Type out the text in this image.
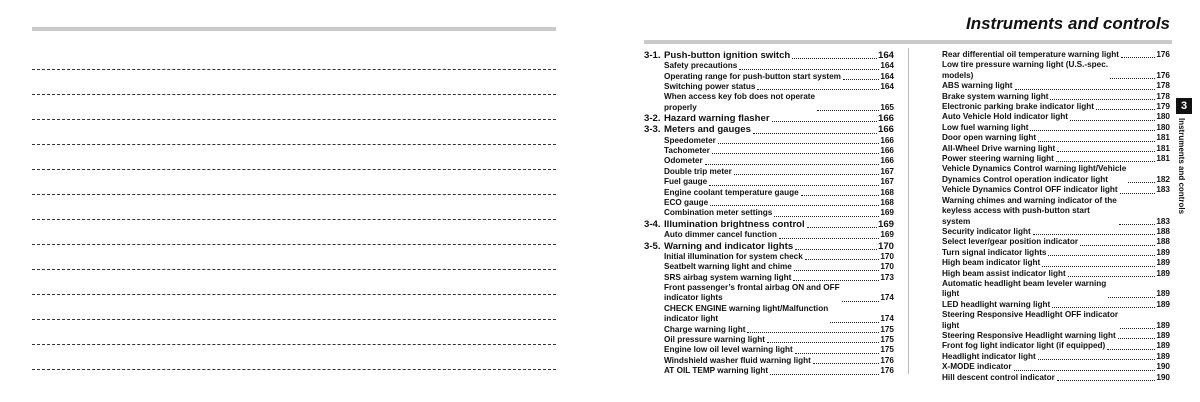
Instruments and controls
3-1. Push-button ignition switch	164
Safety precautions	164
Operating range for push-button start system	164
Switching power status	164
When access key fob does not operate
properly	165
3-2. Hazard warning flasher	166
3-3. Meters and gauges	166
Speedometer	166
Tachometer	166
Odometer	166
Double trip meter	167
Fuel gauge	167
Engine coolant temperature gauge	168
ECO gauge	168
Combination meter settings	169
3-4. Illumination brightness control	169
Auto dimmer cancel function	169
3-5. Warning and indicator lights	170
Initial illumination for system check	170
Seatbelt warning light and chime	170
SRS airbag system warning light	173
Front passenger’s frontal airbag ON and OFF
indicator lights	174
CHECK ENGINE warning light/Malfunction
indicator light	174
Charge warning light	175
Oil pressure warning light	175
Engine low oil level warning light	175
Windshield washer fluid warning light	176
AT OIL TEMP warning light	176
Rear differential oil temperature warning light	176
Low tire pressure warning light (U.S.-spec.
models)	176
ABS warning light	178
Brake system warning light	178
Electronic parking brake indicator light	179
Auto Vehicle Hold indicator light	180
Low fuel warning light	180
Door open warning light	181
All-Wheel Drive warning light	181
Power steering warning light	181
Vehicle Dynamics Control warning light/Vehicle
Dynamics Control operation indicator light	182
Vehicle Dynamics Control OFF indicator light	183
Warning chimes and warning indicator of the
keyless access with push-button start
system	183
Security indicator light	188
Select lever/gear position indicator	188
Turn signal indicator lights	189
High beam indicator light	189
High beam assist indicator light	189
Automatic headlight beam leveler warning
light	189
LED headlight warning light	189
Steering Responsive Headlight OFF indicator
light	189
Steering Responsive Headlight warning light	189
Front fog light indicator light (if equipped)	189
Headlight indicator light	189
X-MODE indicator	190
Hill descent control indicator	190
3
Instruments and controls
